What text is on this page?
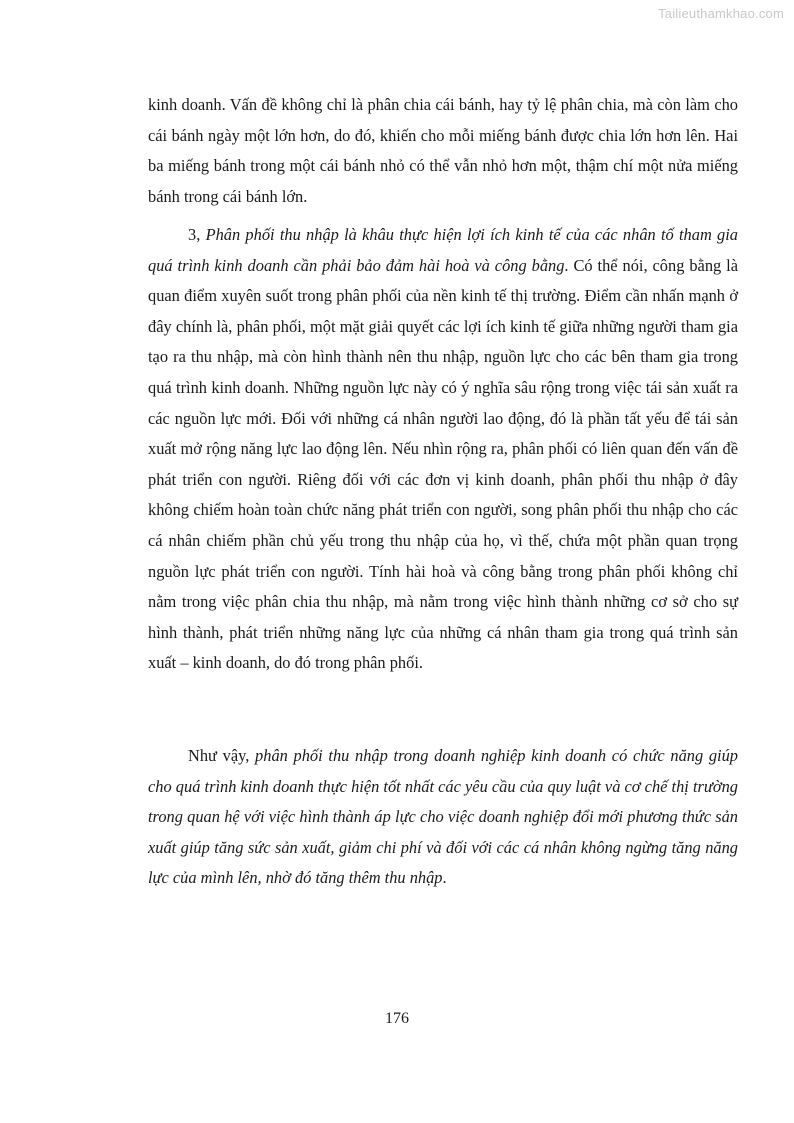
Tailieuthamkhao.com

kinh doanh. Vấn đề không chỉ là phân chia cái bánh, hay tỷ lệ phân chia, mà còn làm cho cái bánh ngày một lớn hơn, do đó, khiến cho mỗi miếng bánh được chia lớn hơn lên. Hai ba miếng bánh trong một cái bánh nhỏ có thể vẫn nhỏ hơn một, thậm chí một nửa miếng bánh trong cái bánh lớn.

3, Phân phối thu nhập là khâu thực hiện lợi ích kinh tế của các nhân tố tham gia quá trình kinh doanh cần phải bảo đảm hài hoà và công bằng. Có thể nói, công bằng là quan điểm xuyên suốt trong phân phối của nền kinh tế thị trường. Điểm cần nhấn mạnh ở đây chính là, phân phối, một mặt giải quyết các lợi ích kinh tế giữa những người tham gia tạo ra thu nhập, mà còn hình thành nên thu nhập, nguồn lực cho các bên tham gia trong quá trình kinh doanh. Những nguồn lực này có ý nghĩa sâu rộng trong việc tái sản xuất ra các nguồn lực mới. Đối với những cá nhân người lao động, đó là phần tất yếu để tái sản xuất mở rộng năng lực lao động lên. Nếu nhìn rộng ra, phân phối có liên quan đến vấn đề phát triển con người. Riêng đối với các đơn vị kinh doanh, phân phối thu nhập ở đây không chiếm hoàn toàn chức năng phát triển con người, song phân phối thu nhập cho các cá nhân chiếm phần chủ yếu trong thu nhập của họ, vì thế, chứa một phần quan trọng nguồn lực phát triển con người. Tính hài hoà và công bằng trong phân phối không chỉ nằm trong việc phân chia thu nhập, mà nằm trong việc hình thành những cơ sở cho sự hình thành, phát triển những năng lực của những cá nhân tham gia trong quá trình sản xuất – kinh doanh, do đó trong phân phối.

Như vậy, phân phối thu nhập trong doanh nghiệp kinh doanh có chức năng giúp cho quá trình kinh doanh thực hiện tốt nhất các yêu cầu của quy luật và cơ chế thị trường trong quan hệ với việc hình thành áp lực cho việc doanh nghiệp đổi mới phương thức sản xuất giúp tăng sức sản xuất, giảm chi phí và đối với các cá nhân không ngừng tăng năng lực của mình lên, nhờ đó tăng thêm thu nhập.

176
